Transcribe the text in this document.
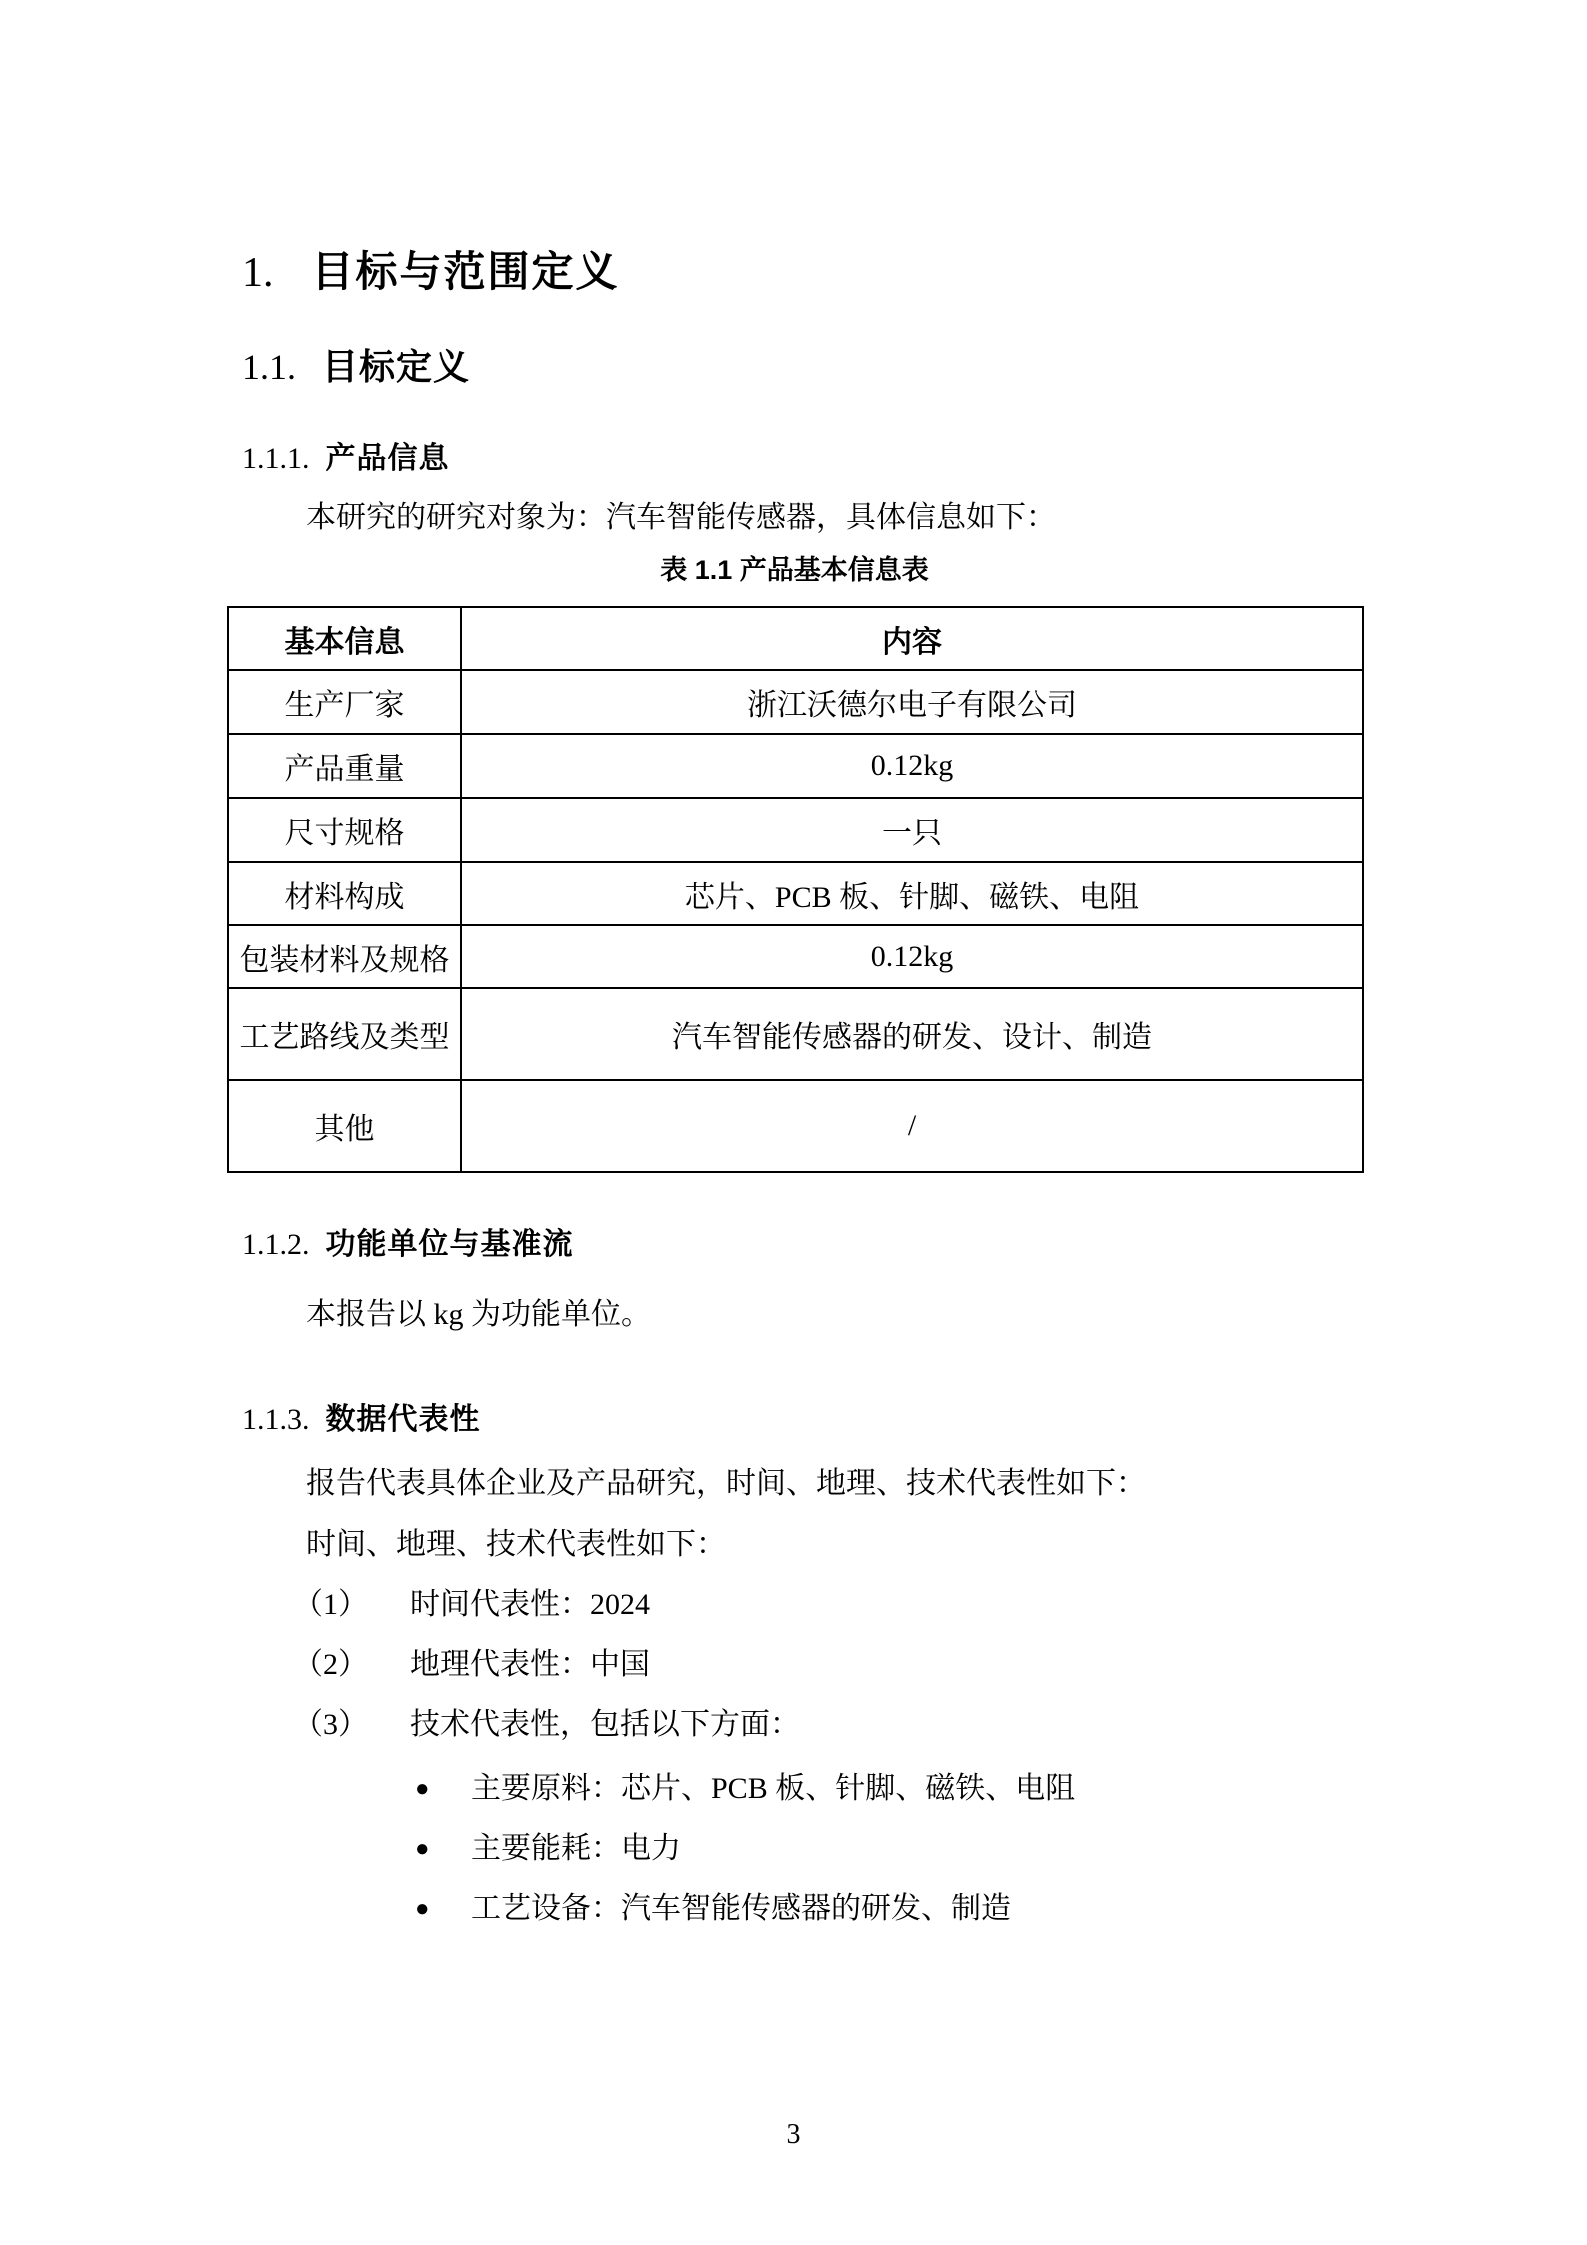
1. 目标与范围定义
1.1. 目标定义
1.1.1. 产品信息
本研究的研究对象为：汽车智能传感器，具体信息如下：
表 1.1 产品基本信息表
基本信息	内容
生产厂家	浙江沃德尔电子有限公司
产品重量	0.12kg
尺寸规格	一只
材料构成	芯片、PCB 板、针脚、磁铁、电阻
包装材料及规格	0.12kg
工艺路线及类型	汽车智能传感器的研发、设计、制造
其他	/
1.1.2. 功能单位与基准流
本报告以 kg 为功能单位。
1.1.3. 数据代表性
报告代表具体企业及产品研究，时间、地理、技术代表性如下：
时间、地理、技术代表性如下：
（1） 时间代表性：2024
（2） 地理代表性：中国
（3） 技术代表性，包括以下方面：
● 主要原料：芯片、PCB 板、针脚、磁铁、电阻
● 主要能耗：电力
● 工艺设备：汽车智能传感器的研发、制造
3
